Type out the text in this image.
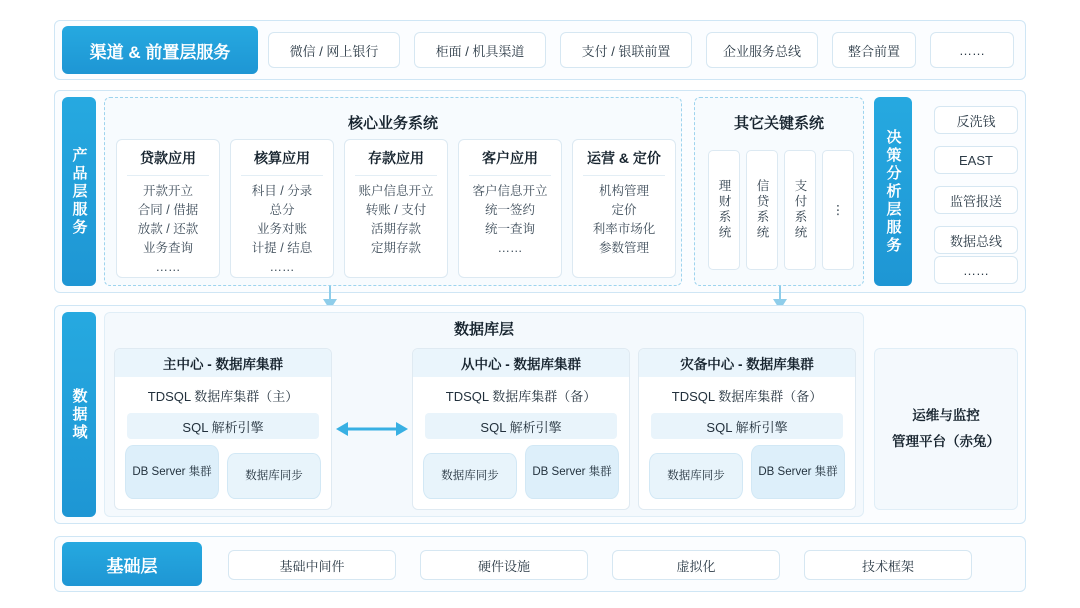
渠道 & 前置层服务	微信 / 网上银行	柜面 / 机具渠道	支付 / 银联前置	企业服务总线	整合前置	……
产品层服务
核心业务系统
贷款应用
开款开立
合同 / 借据
放款 / 还款
业务查询
……
核算应用
科目 / 分录
总分
业务对账
计提 / 结息
……
存款应用
账户信息开立
转账 / 支付
活期存款
定期存款
客户应用
客户信息开立
统一签约
统一查询
……
运营 & 定价
机构管理
定价
利率市场化
参数管理
其它关键系统
理财系统 信贷系统 支付系统 ⋮	决策分析层服务
反洗钱
EAST
监管报送
数据总线
……
数据域
数据库层
主中心 - 数据库集群
TDSQL 数据库集群（主）
SQL 解析引擎
DB Server 集群	数据库同步
从中心 - 数据库集群
TDSQL 数据库集群（备）
SQL 解析引擎
数据库同步	DB Server 集群
灾备中心 - 数据库集群
TDSQL 数据库集群（备）
SQL 解析引擎
数据库同步	DB Server 集群
运维与监控
管理平台（赤兔）
基础层	基础中间件	硬件设施	虚拟化	技术框架
